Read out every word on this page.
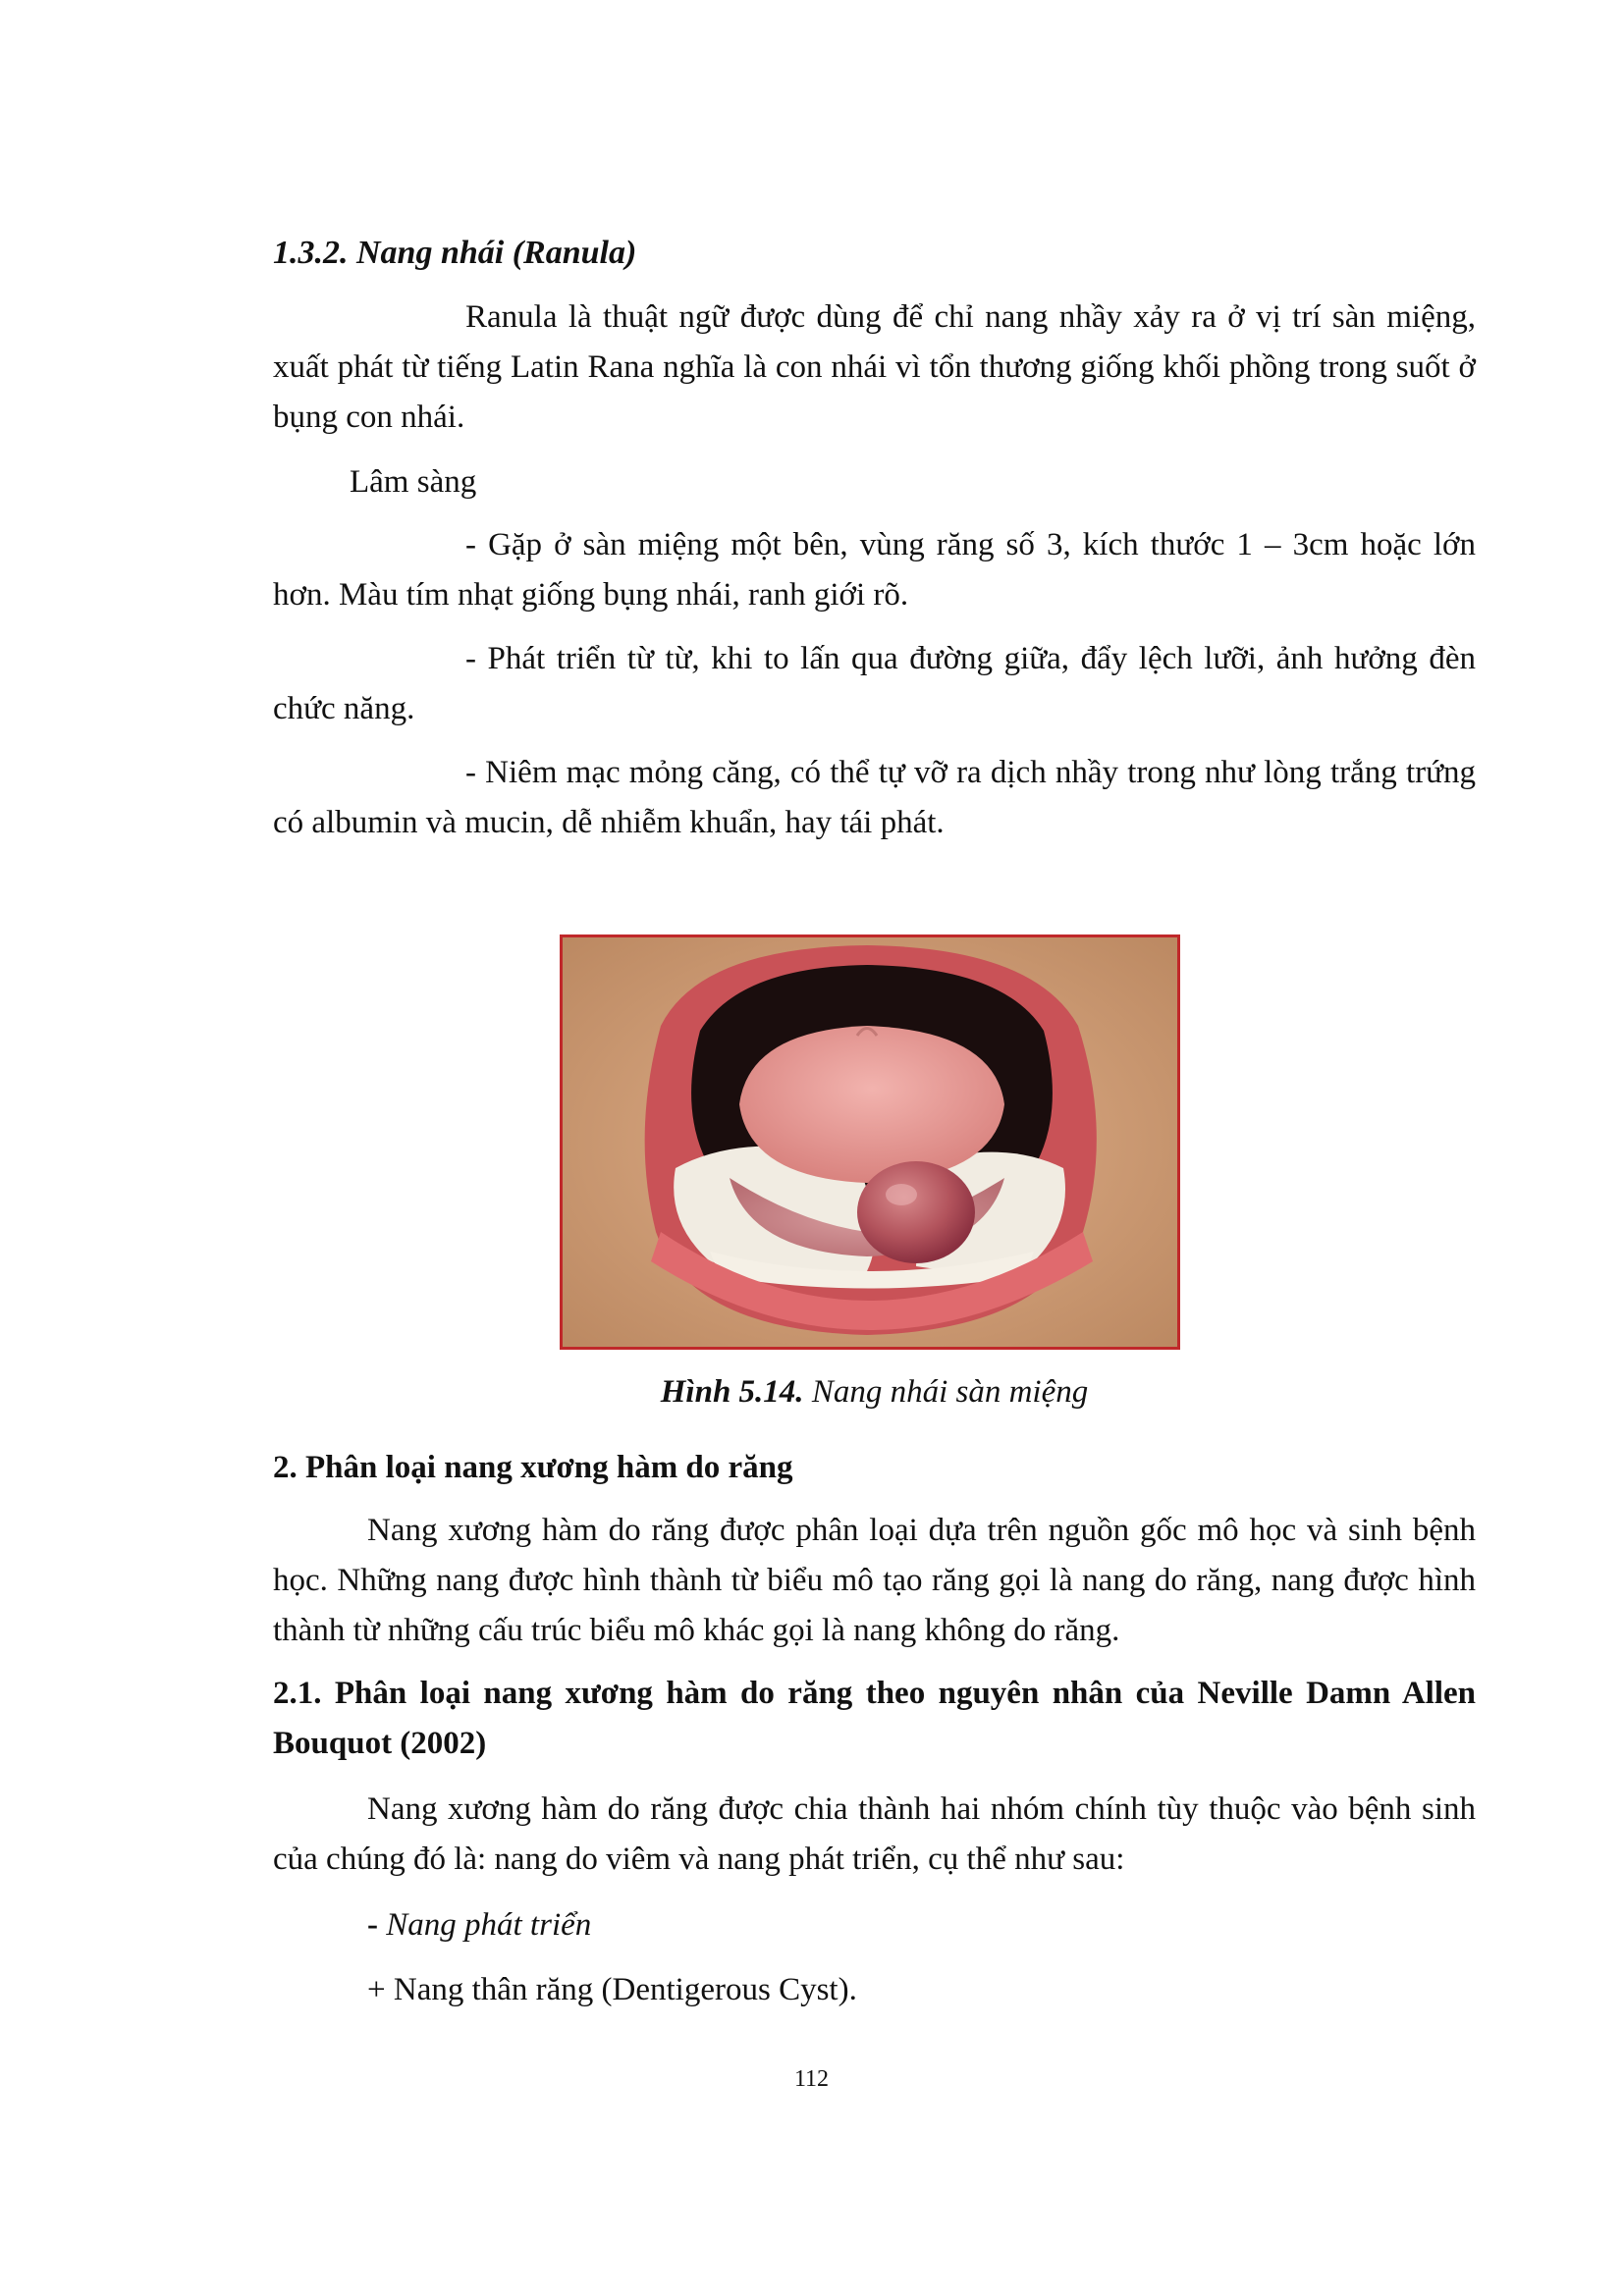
1.3.2. Nang nhái (Ranula)

Ranula là thuật ngữ được dùng để chỉ nang nhầy xảy ra ở vị trí sàn miệng, xuất phát từ tiếng Latin Rana nghĩa là con nhái vì tổn thương giống khối phồng trong suốt ở bụng con nhái.

Lâm sàng

- Gặp ở sàn miệng một bên, vùng răng số 3, kích thước 1 – 3cm hoặc lớn hơn. Màu tím nhạt giống bụng nhái, ranh giới rõ.

- Phát triển từ từ, khi to lấn qua đường giữa, đẩy lệch lưỡi, ảnh hưởng đèn chức năng.

- Niêm mạc mỏng căng, có thể tự vỡ ra dịch nhầy trong như lòng trắng trứng có albumin và mucin, dễ nhiễm khuẩn, hay tái phát.

Hình 5.14. Nang nhái sàn miệng

2. Phân loại nang xương hàm do răng

Nang xương hàm do răng được phân loại dựa trên nguồn gốc mô học và sinh bệnh học. Những nang được hình thành từ biểu mô tạo răng gọi là nang do răng, nang được hình thành từ những cấu trúc biểu mô khác gọi là nang không do răng.

2.1. Phân loại nang xương hàm do răng theo nguyên nhân của Neville Damn Allen Bouquot (2002)

Nang xương hàm do răng được chia thành hai nhóm chính tùy thuộc vào bệnh sinh của chúng đó là: nang do viêm và nang phát triển, cụ thể như sau:

- Nang phát triển

+ Nang thân răng (Dentigerous Cyst).

112
